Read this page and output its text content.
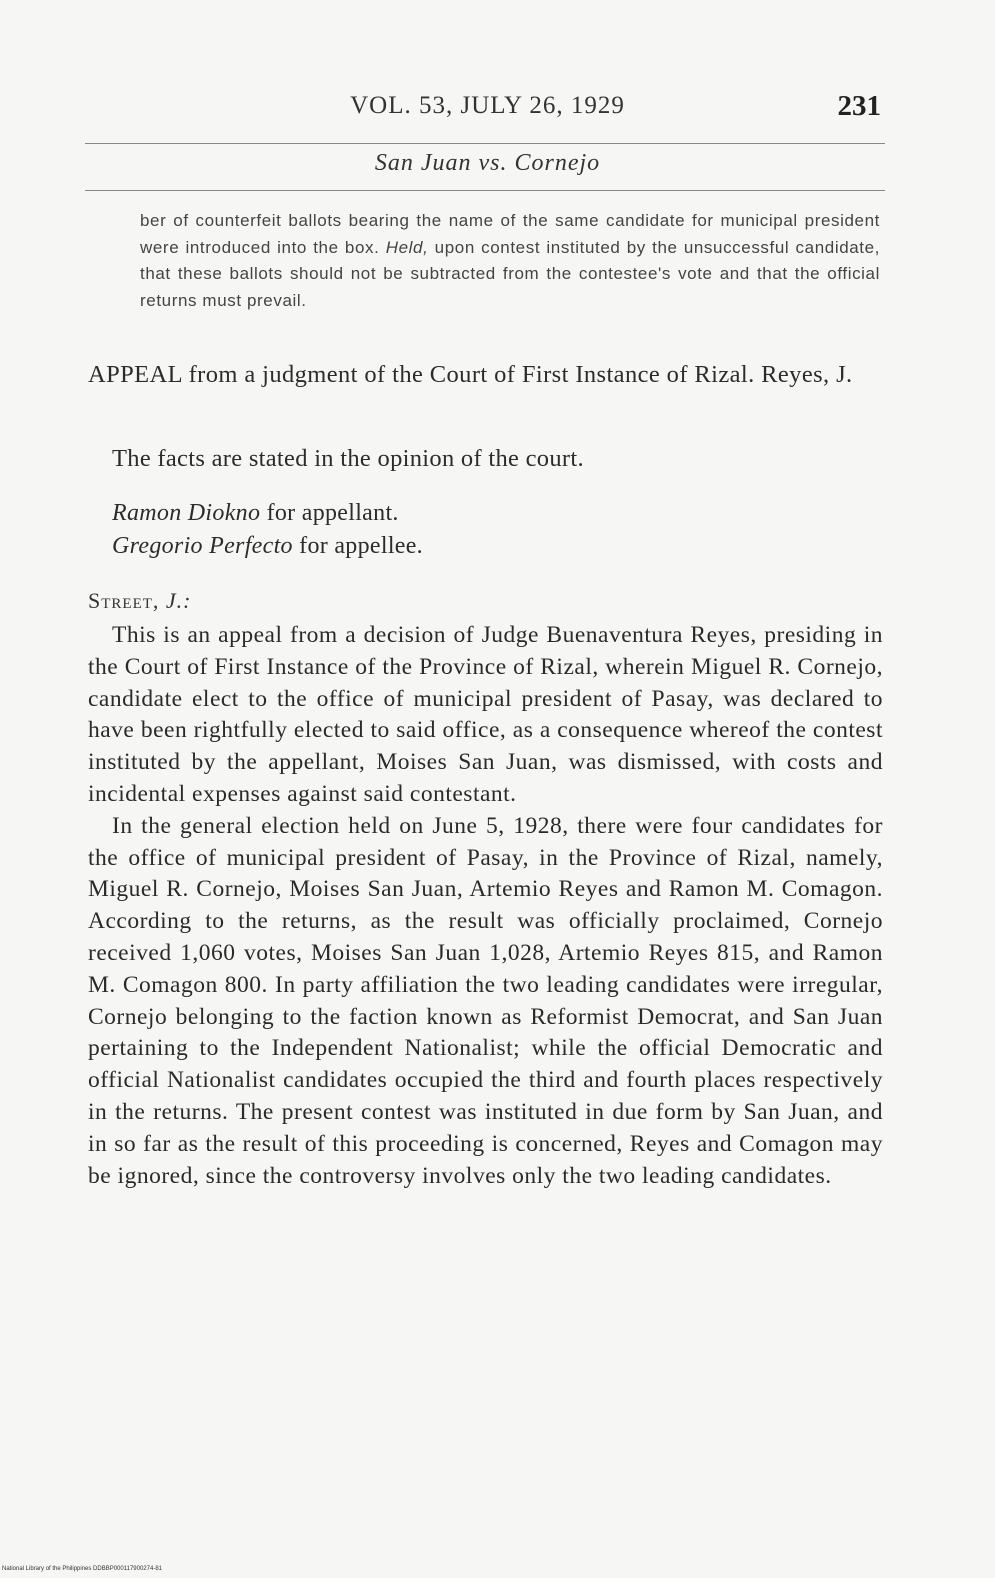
VOL. 53, JULY 26, 1929	231
San Juan vs. Cornejo
ber of counterfeit ballots bearing the name of the same candidate for municipal president were introduced into the box. Held, upon contest instituted by the unsuccessful candidate, that these ballots should not be subtracted from the contestee's vote and that the official returns must prevail.
APPEAL from a judgment of the Court of First Instance of Rizal. Reyes, J.
The facts are stated in the opinion of the court.
Ramon Diokno for appellant.
Gregorio Perfecto for appellee.
Street, J.:

This is an appeal from a decision of Judge Buenaventura Reyes, presiding in the Court of First Instance of the Province of Rizal, wherein Miguel R. Cornejo, candidate elect to the office of municipal president of Pasay, was declared to have been rightfully elected to said office, as a consequence whereof the contest instituted by the appellant, Moises San Juan, was dismissed, with costs and incidental expenses against said contestant.

In the general election held on June 5, 1928, there were four candidates for the office of municipal president of Pasay, in the Province of Rizal, namely, Miguel R. Cornejo, Moises San Juan, Artemio Reyes and Ramon M. Comagon. According to the returns, as the result was officially proclaimed, Cornejo received 1,060 votes, Moises San Juan 1,028, Artemio Reyes 815, and Ramon M. Comagon 800. In party affiliation the two leading candidates were irregular, Cornejo belonging to the faction known as Reformist Democrat, and San Juan pertaining to the Independent Nationalist; while the official Democratic and official Nationalist candidates occupied the third and fourth places respectively in the returns. The present contest was instituted in due form by San Juan, and in so far as the result of this proceeding is concerned, Reyes and Comagon may be ignored, since the controversy involves only the two leading candidates.

National Library of the Philippines DDBBP000117900274-81
